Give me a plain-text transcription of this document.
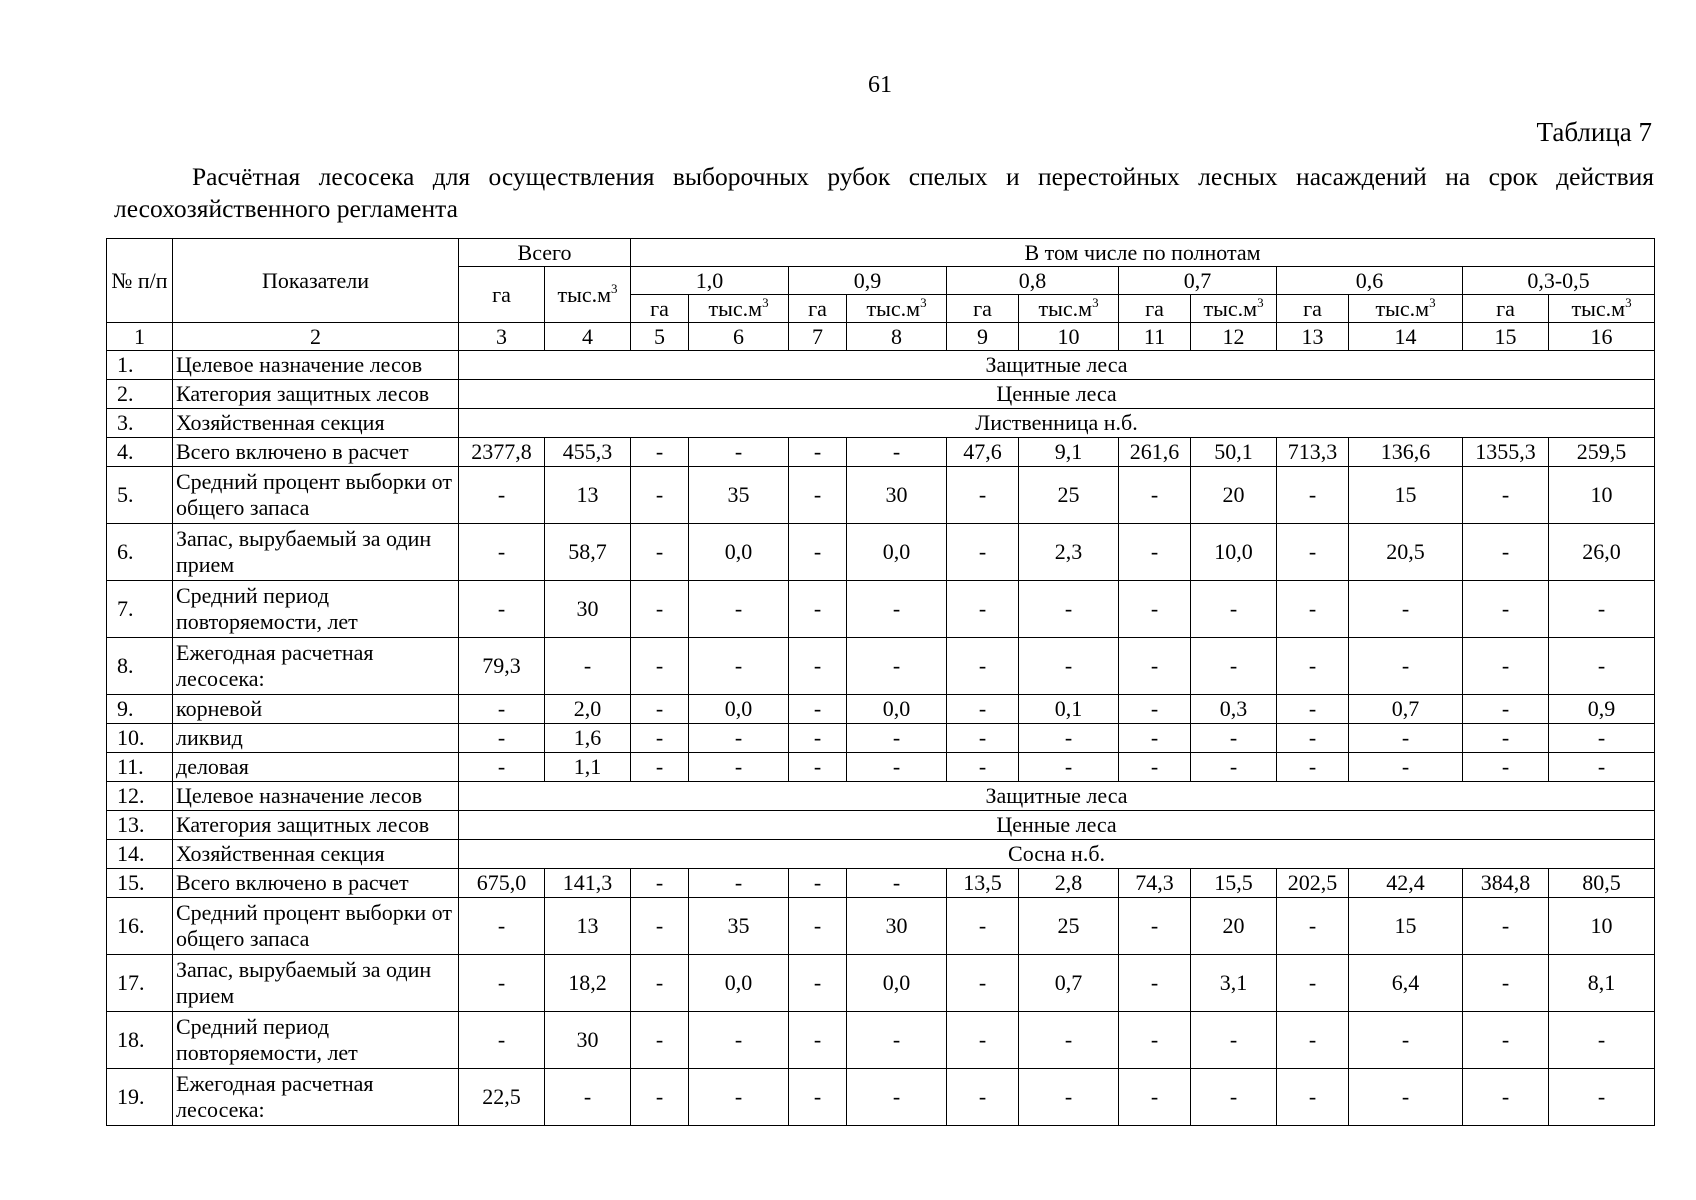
61
Таблица 7
Расчётная лесосека для осуществления выборочных рубок спелых и перестойных лесных насаждений на срок действия лесохозяйственного регламента
№ п/п	Показатели	Всего		В том числе по полнотам											
		га	$тыс.м^3$	1,0		0,9		0,8		0,7		0,6		0,3-0,5	
				га	$тыс.м^3$	га	$тыс.м^3$	га	$тыс.м^3$	га	$тыс.м^3$	га	$тыс.м^3$	га	$тыс.м^3$
1	2	3	4	5	6	7	8	9	10	11	12	13	14	15	16
1.	Целевое назначение лесов	Защитные леса													
2.	Категория защитных лесов	Ценные леса													
3.	Хозяйственная секция	Лиственница н.б.													
4.	Всего включено в расчет	2377,8	455,3	-	-	-	-	47,6	9,1	261,6	50,1	713,3	136,6	1355,3	259,5
5.	Средний процент выборки от общего запаса	-	13	-	35	-	30	-	25	-	20	-	15	-	10
6.	Запас, вырубаемый за один прием	-	58,7	-	0,0	-	0,0	-	2,3	-	10,0	-	20,5	-	26,0
7.	Средний период повторяемости, лет	-	30	-	-	-	-	-	-	-	-	-	-	-	-
8.	Ежегодная расчетная лесосека:	79,3	-	-	-	-	-	-	-	-	-	-	-	-	-
9.	корневой	-	2,0	-	0,0	-	0,0	-	0,1	-	0,3	-	0,7	-	0,9
10.	ликвид	-	1,6	-	-	-	-	-	-	-	-	-	-	-	-
11.	деловая	-	1,1	-	-	-	-	-	-	-	-	-	-	-	-
12.	Целевое назначение лесов	Защитные леса													
13.	Категория защитных лесов	Ценные леса													
14.	Хозяйственная секция	Сосна н.б.													
15.	Всего включено в расчет	675,0	141,3	-	-	-	-	13,5	2,8	74,3	15,5	202,5	42,4	384,8	80,5
16.	Средний процент выборки от общего запаса	-	13	-	35	-	30	-	25	-	20	-	15	-	10
17.	Запас, вырубаемый за один прием	-	18,2	-	0,0	-	0,0	-	0,7	-	3,1	-	6,4	-	8,1
18.	Средний период повторяемости, лет	-	30	-	-	-	-	-	-	-	-	-	-	-	-
19.	Ежегодная расчетная лесосека:	22,5	-	-	-	-	-	-	-	-	-	-	-	-	-
